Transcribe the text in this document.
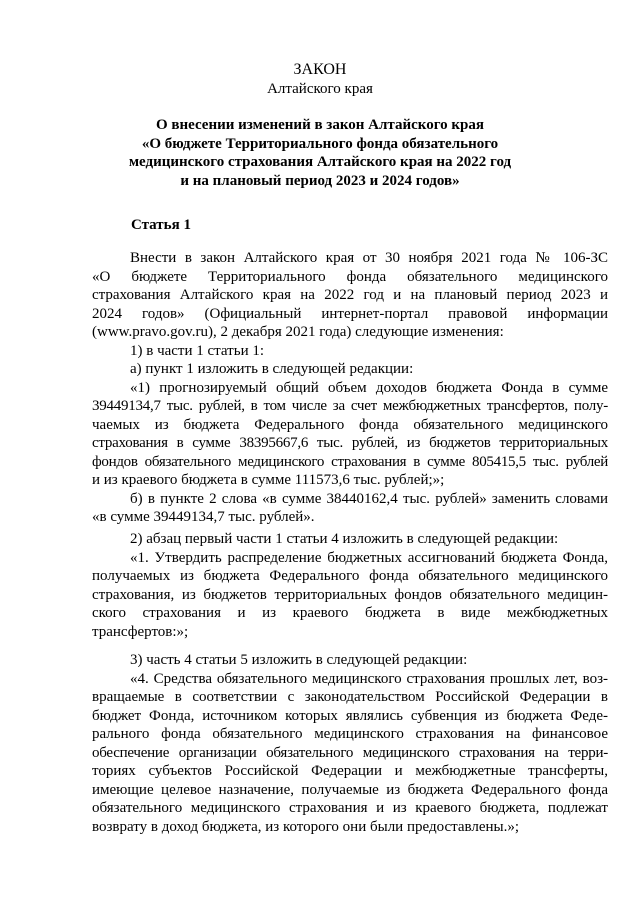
ЗАКОН
Алтайского края
О внесении изменений в закон Алтайского края
«О бюджете Территориального фонда обязательного
медицинского страхования Алтайского края на 2022 год
и на плановый период 2023 и 2024 годов»
Статья 1
Внести в закон Алтайского края от 30 ноября 2021 года № 106-ЗС
«О бюджете Территориального фонда обязательного медицинского
страхования Алтайского края на 2022 год и на плановый период 2023 и
2024 годов» (Официальный интернет-портал правовой информации
(www.pravo.gov.ru), 2 декабря 2021 года) следующие изменения:
1) в части 1 статьи 1:
а) пункт 1 изложить в следующей редакции:
«1) прогнозируемый общий объем доходов бюджета Фонда в сумме
39449134,7 тыс. рублей, в том числе за счет межбюджетных трансфертов, полу-
чаемых из бюджета Федерального фонда обязательного медицинского
страхования в сумме 38395667,6 тыс. рублей, из бюджетов территориальных
фондов обязательного медицинского страхования в сумме 805415,5 тыс. рублей
и из краевого бюджета в сумме 111573,6 тыс. рублей;»;
б) в пункте 2 слова «в сумме 38440162,4 тыс. рублей» заменить словами
«в сумме 39449134,7 тыс. рублей».
2) абзац первый части 1 статьи 4 изложить в следующей редакции:
«1. Утвердить распределение бюджетных ассигнований бюджета Фонда,
получаемых из бюджета Федерального фонда обязательного медицинского
страхования, из бюджетов территориальных фондов обязательного медицин-
ского страхования и из краевого бюджета в виде межбюджетных
трансфертов:»;
3) часть 4 статьи 5 изложить в следующей редакции:
«4. Средства обязательного медицинского страхования прошлых лет, воз-
вращаемые в соответствии с законодательством Российской Федерации в
бюджет Фонда, источником которых являлись субвенция из бюджета Феде-
рального фонда обязательного медицинского страхования на финансовое
обеспечение организации обязательного медицинского страхования на терри-
ториях субъектов Российской Федерации и межбюджетные трансферты,
имеющие целевое назначение, получаемые из бюджета Федерального фонда
обязательного медицинского страхования и из краевого бюджета, подлежат
возврату в доход бюджета, из которого они были предоставлены.»;
